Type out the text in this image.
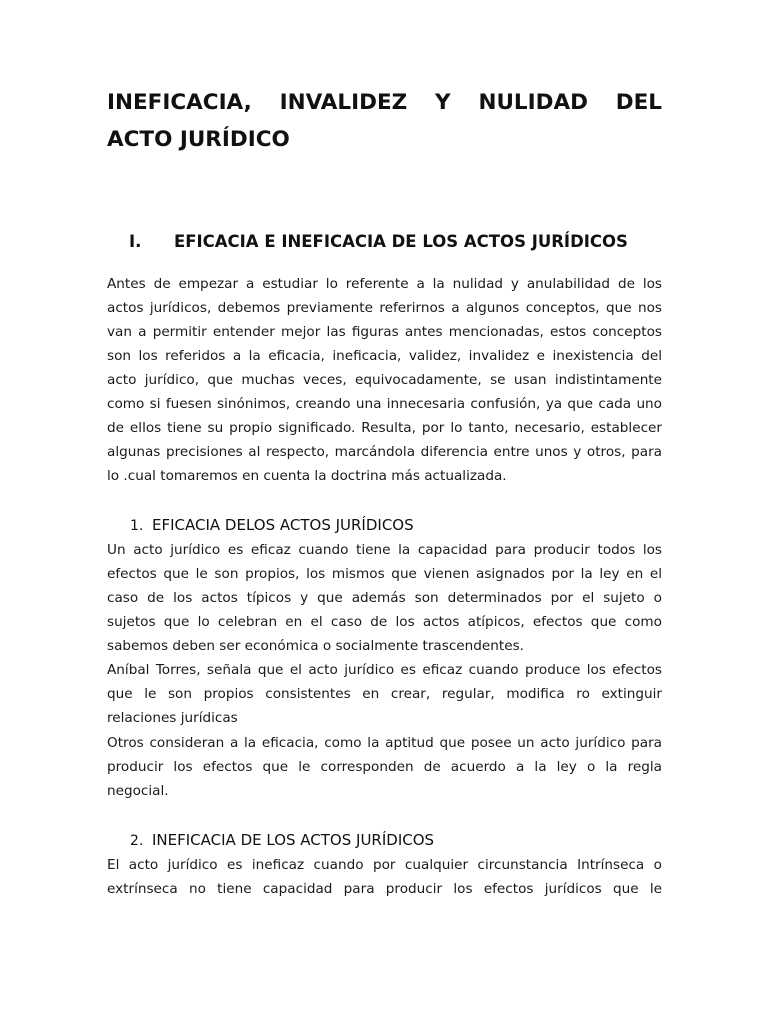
INEFICACIA, INVALIDEZ Y NULIDAD DEL
ACTO JURÍDICO
I. EFICACIA E INEFICACIA DE LOS ACTOS JURÍDICOS
Antes de empezar a estudiar lo referente a la nulidad y anulabilidad de los
actos jurídicos, debemos previamente referirnos a algunos conceptos, que nos
van a permitir entender mejor las figuras antes mencionadas, estos conceptos
son los referidos a la eficacia, ineficacia, validez, invalidez e inexistencia del
acto jurídico, que muchas veces, equivocadamente, se usan indistintamente
como si fuesen sinónimos, creando una innecesaria confusión, ya que cada uno
de ellos tiene su propio significado. Resulta, por lo tanto, necesario, establecer
algunas precisiones al respecto, marcándola diferencia entre unos y otros, para
lo .cual tomaremos en cuenta la doctrina más actualizada.
1. EFICACIA DELOS ACTOS JURÍDICOS
Un acto jurídico es eficaz cuando tiene la capacidad para producir todos los
efectos que le son propios, los mismos que vienen asignados por la ley en el
caso de los actos típicos y que además son determinados por el sujeto o
sujetos que lo celebran en el caso de los actos atípicos, efectos que como
sabemos deben ser económica o socialmente trascendentes.
Aníbal Torres, señala que el acto jurídico es eficaz cuando produce los efectos
que le son propios consistentes en crear, regular, modifica ro extinguir
relaciones jurídicas
Otros consideran a la eficacia, como la aptitud que posee un acto jurídico para
producir los efectos que le corresponden de acuerdo a la ley o la regla
negocial.
2. INEFICACIA DE LOS ACTOS JURÍDICOS
El acto jurídico es ineficaz cuando por cualquier circunstancia Intrínseca o
extrínseca no tiene capacidad para producir los efectos jurídicos que le
